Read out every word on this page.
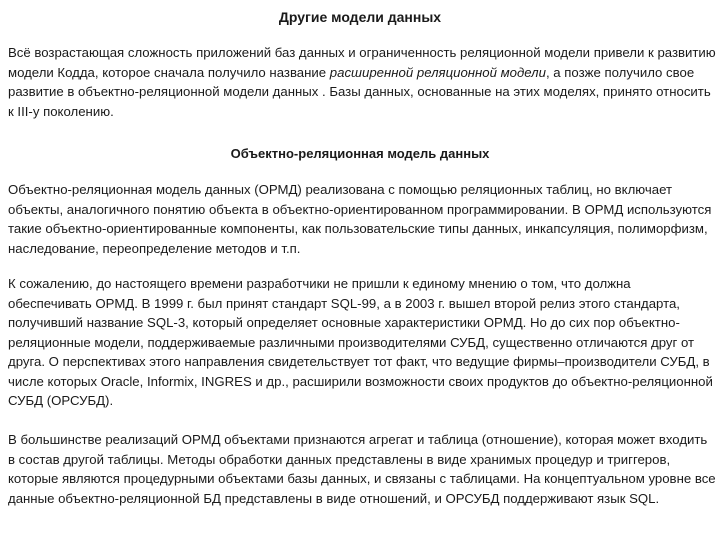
Другие модели данных

Всё возрастающая сложность приложений баз данных и ограниченность реляционной модели привели к развитию модели Кодда, которое сначала получило название расширенной реляционной модели, а позже получило свое развитие в объектно-реляционной модели данных . Базы данных, основанные на этих моделях, принято относить к III-у поколению.

Объектно-реляционная модель данных

Объектно-реляционная модель данных (ОРМД) реализована с помощью реляционных таблиц, но включает объекты, аналогичного понятию объекта в объектно-ориентированном программировании. В ОРМД используются такие объектно-ориентированные компоненты, как пользовательские типы данных, инкапсуляция, полиморфизм, наследование, переопределение методов и т.п.

К сожалению, до настоящего времени разработчики не пришли к единому мнению о том, что должна обеспечивать ОРМД. В 1999 г. был принят стандарт SQL-99, а в 2003 г. вышел второй релиз этого стандарта, получивший название SQL-3, который определяет основные характеристики ОРМД. Но до сих пор объектно-реляционные модели, поддерживаемые различными производителями СУБД, существенно отличаются друг от друга. О перспективах этого направления свидетельствует тот факт, что ведущие фирмы–производители СУБД, в числе которых Oracle, Informix, INGRES и др., расширили возможности своих продуктов до объектно-реляционной СУБД (ОРСУБД).

В большинстве реализаций ОРМД объектами признаются агрегат и таблица (отношение), которая может входить в состав другой таблицы. Методы обработки данных представлены в виде хранимых процедур и триггеров, которые являются процедурными объектами базы данных, и связаны с таблицами. На концептуальном уровне все данные объектно-реляционной БД представлены в виде отношений, и ОРСУБД поддерживают язык SQL.
